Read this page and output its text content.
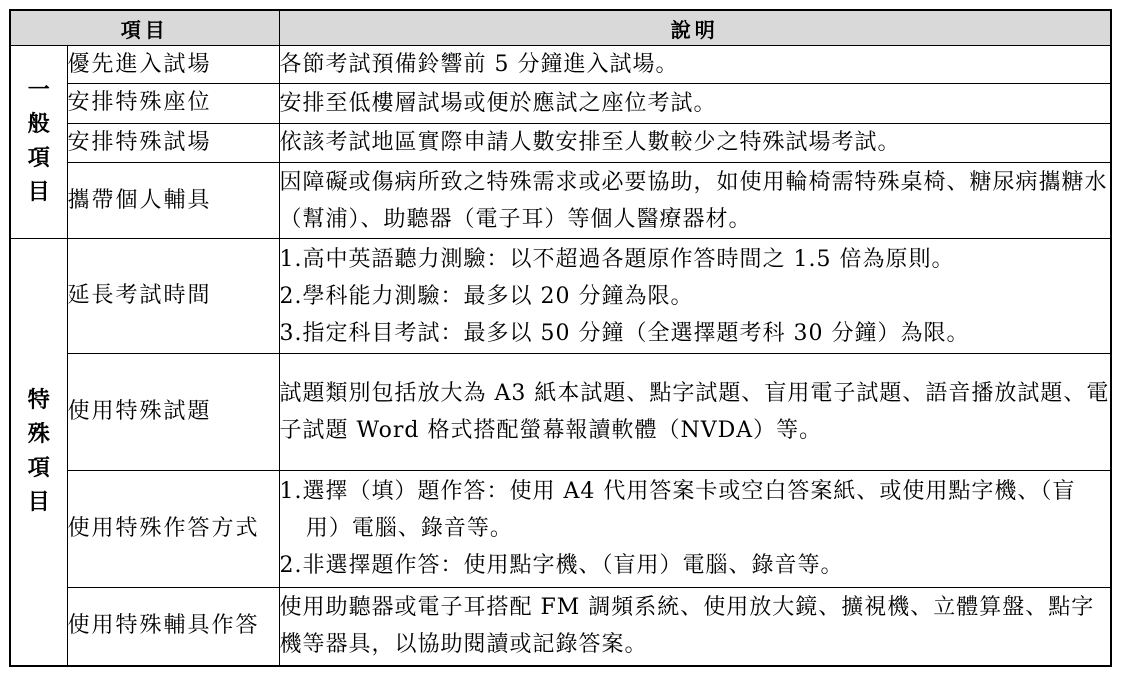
項目		說明

一般項目	優先進入試場	各節考試預備鈴響前 5 分鐘進入試場。
	安排特殊座位	安排至低樓層試場或便於應試之座位考試。
	安排特殊試場	依該考試地區實際申請人數安排至人數較少之特殊試場考試。
	攜帶個人輔具	因障礙或傷病所致之特殊需求或必要協助，如使用輪椅需特殊桌椅、糖尿病攜糖水（幫浦）、助聽器（電子耳）等個人醫療器材。

特殊項目	延長考試時間	1.高中英語聽力測驗：以不超過各題原作答時間之 1.5 倍為原則。
2.學科能力測驗：最多以 20 分鐘為限。
3.指定科目考試：最多以 50 分鐘（全選擇題考科 30 分鐘）為限。

	使用特殊試題	試題類別包括放大為 A3 紙本試題、點字試題、盲用電子試題、語音播放試題、電子試題 Word 格式搭配螢幕報讀軟體（NVDA）等。

	使用特殊作答方式	1.選擇（填）題作答：使用 A4 代用答案卡或空白答案紙、或使用點字機、（盲用）電腦、錄音等。
2.非選擇題作答：使用點字機、（盲用）電腦、錄音等。

	使用特殊輔具作答	使用助聽器或電子耳搭配 FM 調頻系統、使用放大鏡、擴視機、立體算盤、點字機等器具，以協助閱讀或記錄答案。
